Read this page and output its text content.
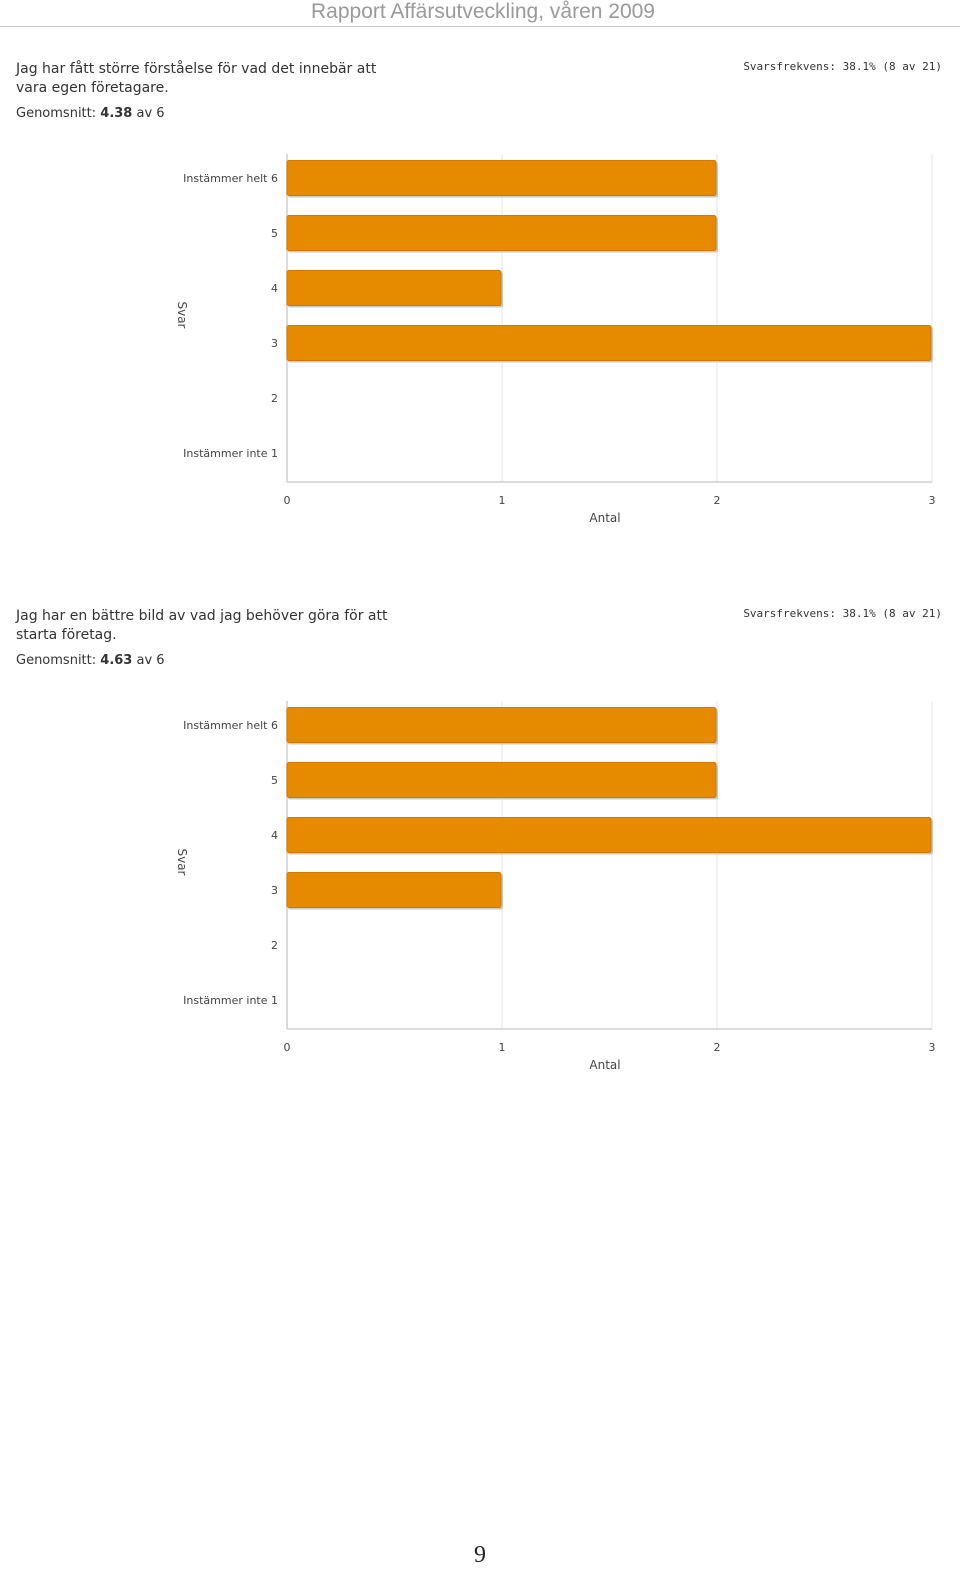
Rapport Affärsutveckling, våren 2009
Jag har fått större förståelse för vad det innebär att vara egen företagare.
Genomsnitt: 4.38 av 6
Svarsfrekvens: 38.1% (8 av 21)
Instämmer helt 6
5
4
3
2
Instämmer inte 1
0	1	2	3
Antal
Svar
Jag har en bättre bild av vad jag behöver göra för att starta företag.
Genomsnitt: 4.63 av 6
Svarsfrekvens: 38.1% (8 av 21)
Instämmer helt 6
5
4
3
2
Instämmer inte 1
0	1	2	3
Antal
Svar
9
